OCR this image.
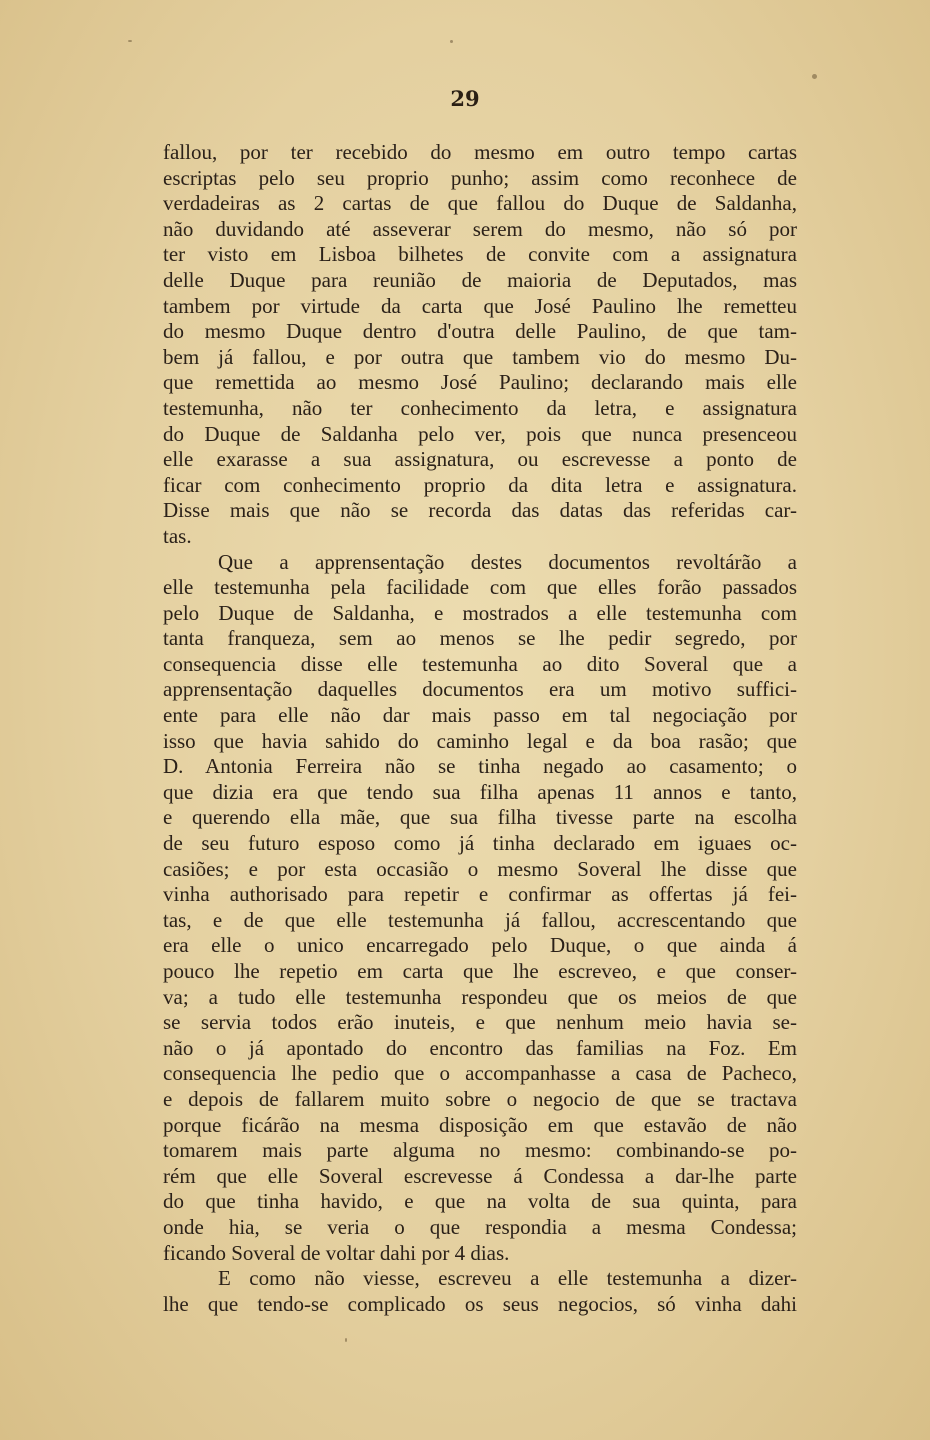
29
fallou, por ter recebido do mesmo em outro tempo cartas
escriptas pelo seu proprio punho; assim como reconhece de
verdadeiras as 2 cartas de que fallou do Duque de Saldanha,
não duvidando até asseverar serem do mesmo, não só por
ter visto em Lisboa bilhetes de convite com a assignatura
delle Duque para reunião de maioria de Deputados, mas
tambem por virtude da carta que José Paulino lhe remetteu
do mesmo Duque dentro d'outra delle Paulino, de que tam-
bem já fallou, e por outra que tambem vio do mesmo Du-
que remettida ao mesmo José Paulino; declarando mais elle
testemunha, não ter conhecimento da letra, e assignatura
do Duque de Saldanha pelo ver, pois que nunca presenceou
elle exarasse a sua assignatura, ou escrevesse a ponto de
ficar com conhecimento proprio da dita letra e assignatura.
Disse mais que não se recorda das datas das referidas car-
tas.
Que a apprensentação destes documentos revoltárão a
elle testemunha pela facilidade com que elles forão passados
pelo Duque de Saldanha, e mostrados a elle testemunha com
tanta franqueza, sem ao menos se lhe pedir segredo, por
consequencia disse elle testemunha ao dito Soveral que a
apprensentação daquelles documentos era um motivo suffici-
ente para elle não dar mais passo em tal negociação por
isso que havia sahido do caminho legal e da boa rasão; que
D. Antonia Ferreira não se tinha negado ao casamento; o
que dizia era que tendo sua filha apenas 11 annos e tanto,
e querendo ella mãe, que sua filha tivesse parte na escolha
de seu futuro esposo como já tinha declarado em iguaes oc-
casiões; e por esta occasião o mesmo Soveral lhe disse que
vinha authorisado para repetir e confirmar as offertas já fei-
tas, e de que elle testemunha já fallou, accrescentando que
era elle o unico encarregado pelo Duque, o que ainda á
pouco lhe repetio em carta que lhe escreveo, e que conser-
va; a tudo elle testemunha respondeu que os meios de que
se servia todos erão inuteis, e que nenhum meio havia se-
não o já apontado do encontro das familias na Foz. Em
consequencia lhe pedio que o accompanhasse a casa de Pacheco,
e depois de fallarem muito sobre o negocio de que se tractava
porque ficárão na mesma disposição em que estavão de não
tomarem mais parte alguma no mesmo: combinando-se po-
rém que elle Soveral escrevesse á Condessa a dar-lhe parte
do que tinha havido, e que na volta de sua quinta, para
onde hia, se veria o que respondia a mesma Condessa;
ficando Soveral de voltar dahi por 4 dias.
E como não viesse, escreveu a elle testemunha a dizer-
lhe que tendo-se complicado os seus negocios, só vinha dahi
